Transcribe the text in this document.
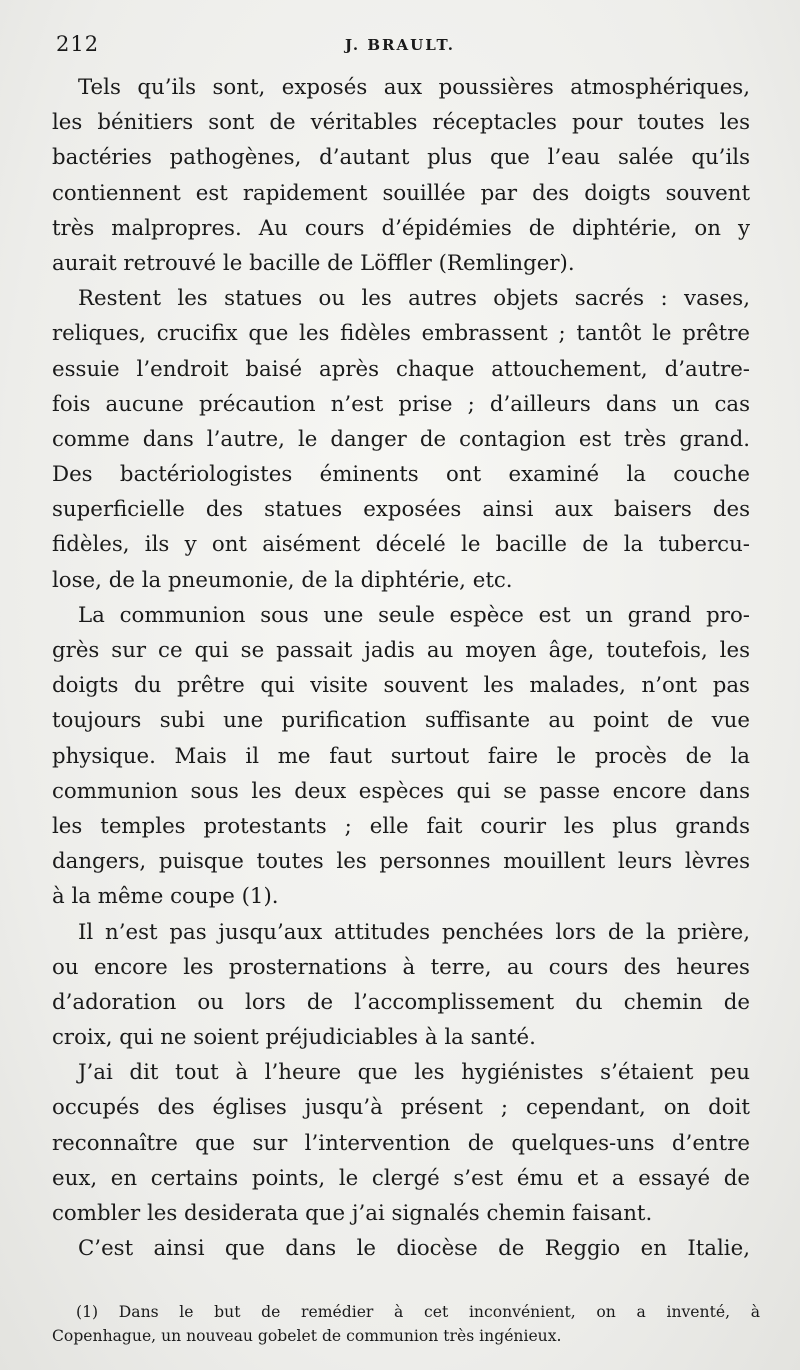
212	J. BRAULT.
Tels qu’ils sont, exposés aux poussières atmosphériques,
les bénitiers sont de véritables réceptacles pour toutes les
bactéries pathogènes, d’autant plus que l’eau salée qu’ils
contiennent est rapidement souillée par des doigts souvent
très malpropres. Au cours d’épidémies de diphtérie, on y
aurait retrouvé le bacille de Löffler (Remlinger).
Restent les statues ou les autres objets sacrés : vases,
reliques, crucifix que les fidèles embrassent ; tantôt le prêtre
essuie l’endroit baisé après chaque attouchement, d’autre-
fois aucune précaution n’est prise ; d’ailleurs dans un cas
comme dans l’autre, le danger de contagion est très grand.
Des bactériologistes éminents ont examiné la couche
superficielle des statues exposées ainsi aux baisers des
fidèles, ils y ont aisément décelé le bacille de la tubercu-
lose, de la pneumonie, de la diphtérie, etc.
La communion sous une seule espèce est un grand pro-
grès sur ce qui se passait jadis au moyen âge, toutefois, les
doigts du prêtre qui visite souvent les malades, n’ont pas
toujours subi une purification suffisante au point de vue
physique. Mais il me faut surtout faire le procès de la
communion sous les deux espèces qui se passe encore dans
les temples protestants ; elle fait courir les plus grands
dangers, puisque toutes les personnes mouillent leurs lèvres
à la même coupe (1).
Il n’est pas jusqu’aux attitudes penchées lors de la prière,
ou encore les prosternations à terre, au cours des heures
d’adoration ou lors de l’accomplissement du chemin de
croix, qui ne soient préjudiciables à la santé.
J’ai dit tout à l’heure que les hygiénistes s’étaient peu
occupés des églises jusqu’à présent ; cependant, on doit
reconnaître que sur l’intervention de quelques-uns d’entre
eux, en certains points, le clergé s’est ému et a essayé de
combler les desiderata que j’ai signalés chemin faisant.
C’est ainsi que dans le diocèse de Reggio en Italie,
(1) Dans le but de remédier à cet inconvénient, on a inventé, à
Copenhague, un nouveau gobelet de communion très ingénieux.
